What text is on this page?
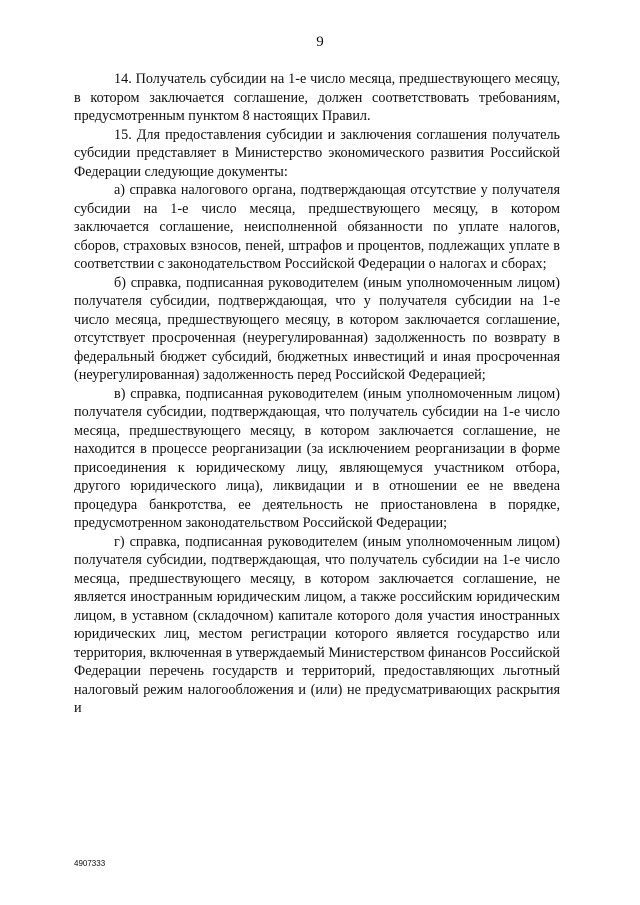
9

14. Получатель субсидии на 1-е число месяца, предшествующего месяцу, в котором заключается соглашение, должен соответствовать требованиям, предусмотренным пунктом 8 настоящих Правил.

15. Для предоставления субсидии и заключения соглашения получатель субсидии представляет в Министерство экономического развития Российской Федерации следующие документы:

а) справка налогового органа, подтверждающая отсутствие у получателя субсидии на 1-е число месяца, предшествующего месяцу, в котором заключается соглашение, неисполненной обязанности по уплате налогов, сборов, страховых взносов, пеней, штрафов и процентов, подлежащих уплате в соответствии с законодательством Российской Федерации о налогах и сборах;

б) справка, подписанная руководителем (иным уполномоченным лицом) получателя субсидии, подтверждающая, что у получателя субсидии на 1-е число месяца, предшествующего месяцу, в котором заключается соглашение, отсутствует просроченная (неурегулированная) задолженность по возврату в федеральный бюджет субсидий, бюджетных инвестиций и иная просроченная (неурегулированная) задолженность перед Российской Федерацией;

в) справка, подписанная руководителем (иным уполномоченным лицом) получателя субсидии, подтверждающая, что получатель субсидии на 1-е число месяца, предшествующего месяцу, в котором заключается соглашение, не находится в процессе реорганизации (за исключением реорганизации в форме присоединения к юридическому лицу, являющемуся участником отбора, другого юридического лица), ликвидации и в отношении ее не введена процедура банкротства, ее деятельность не приостановлена в порядке, предусмотренном законодательством Российской Федерации;

г) справка, подписанная руководителем (иным уполномоченным лицом) получателя субсидии, подтверждающая, что получатель субсидии на 1-е число месяца, предшествующего месяцу, в котором заключается соглашение, не является иностранным юридическим лицом, а также российским юридическим лицом, в уставном (складочном) капитале которого доля участия иностранных юридических лиц, местом регистрации которого является государство или территория, включенная в утверждаемый Министерством финансов Российской Федерации перечень государств и территорий, предоставляющих льготный налоговый режим налогообложения и (или) не предусматривающих раскрытия и

4907333
